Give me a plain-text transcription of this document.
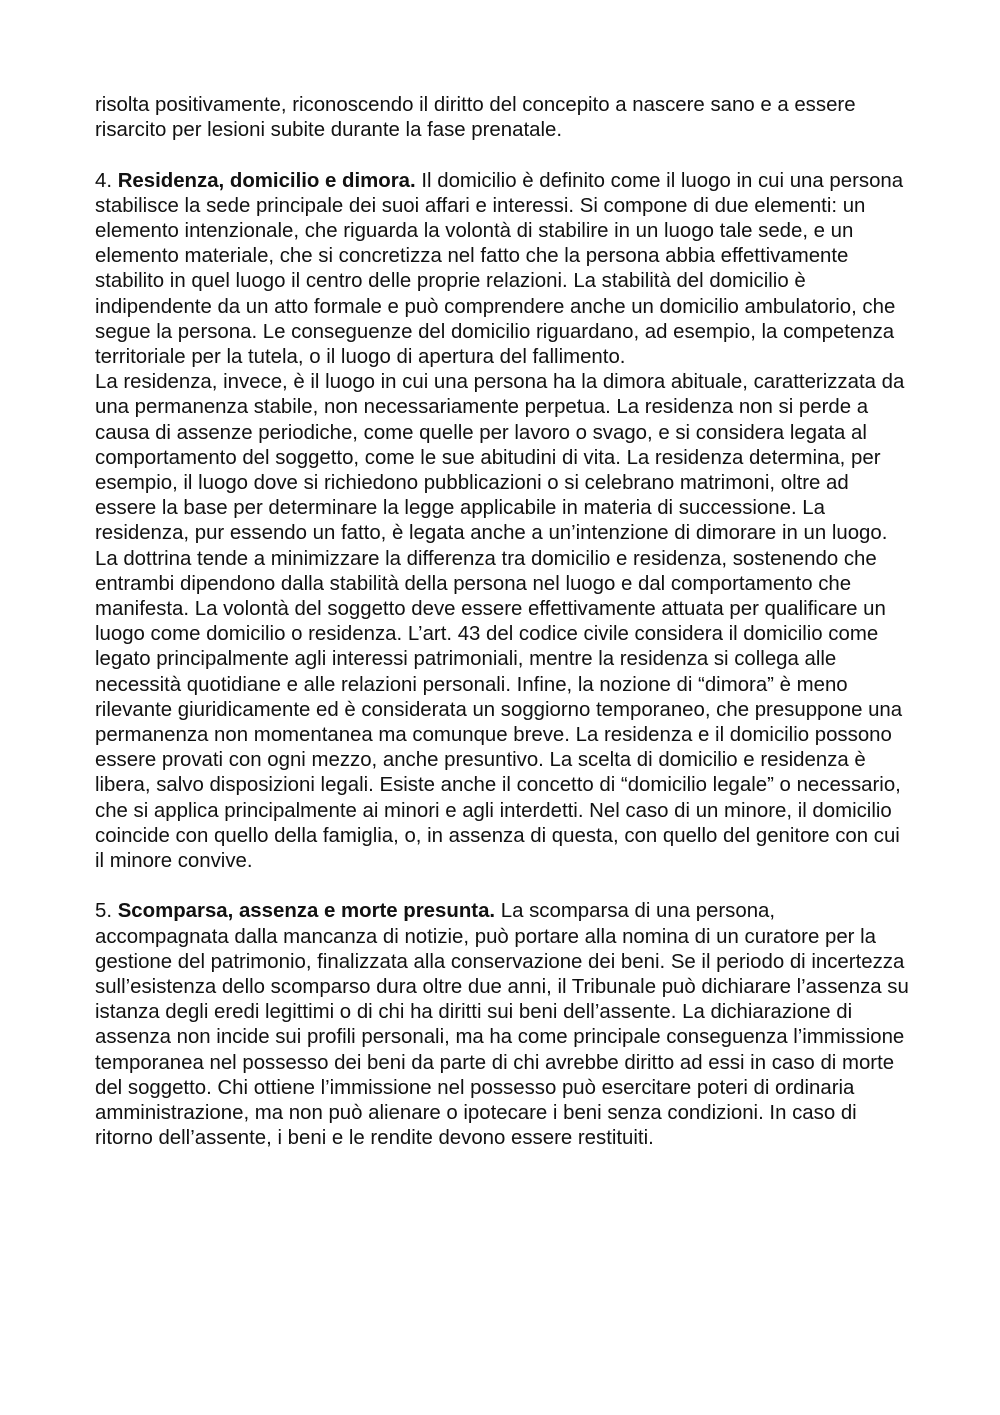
risolta positivamente, riconoscendo il diritto del concepito a nascere sano e a essere risarcito per lesioni subite durante la fase prenatale.

4. Residenza, domicilio e dimora. Il domicilio è definito come il luogo in cui una persona stabilisce la sede principale dei suoi affari e interessi. Si compone di due elementi: un elemento intenzionale, che riguarda la volontà di stabilire in un luogo tale sede, e un elemento materiale, che si concretizza nel fatto che la persona abbia effettivamente stabilito in quel luogo il centro delle proprie relazioni. La stabilità del domicilio è indipendente da un atto formale e può comprendere anche un domicilio ambulatorio, che segue la persona. Le conseguenze del domicilio riguardano, ad esempio, la competenza territoriale per la tutela, o il luogo di apertura del fallimento.

La residenza, invece, è il luogo in cui una persona ha la dimora abituale, caratterizzata da una permanenza stabile, non necessariamente perpetua. La residenza non si perde a causa di assenze periodiche, come quelle per lavoro o svago, e si considera legata al comportamento del soggetto, come le sue abitudini di vita. La residenza determina, per esempio, il luogo dove si richiedono pubblicazioni o si celebrano matrimoni, oltre ad essere la base per determinare la legge applicabile in materia di successione. La residenza, pur essendo un fatto, è legata anche a un’intenzione di dimorare in un luogo.

La dottrina tende a minimizzare la differenza tra domicilio e residenza, sostenendo che entrambi dipendono dalla stabilità della persona nel luogo e dal comportamento che manifesta. La volontà del soggetto deve essere effettivamente attuata per qualificare un luogo come domicilio o residenza. L’art. 43 del codice civile considera il domicilio come legato principalmente agli interessi patrimoniali, mentre la residenza si collega alle necessità quotidiane e alle relazioni personali. Infine, la nozione di “dimora” è meno rilevante giuridicamente ed è considerata un soggiorno temporaneo, che presuppone una permanenza non momentanea ma comunque breve. La residenza e il domicilio possono essere provati con ogni mezzo, anche presuntivo. La scelta di domicilio e residenza è libera, salvo disposizioni legali. Esiste anche il concetto di “domicilio legale” o necessario, che si applica principalmente ai minori e agli interdetti. Nel caso di un minore, il domicilio coincide con quello della famiglia, o, in assenza di questa, con quello del genitore con cui il minore convive.

5. Scomparsa, assenza e morte presunta. La scomparsa di una persona, accompagnata dalla mancanza di notizie, può portare alla nomina di un curatore per la gestione del patrimonio, finalizzata alla conservazione dei beni. Se il periodo di incertezza sull’esistenza dello scomparso dura oltre due anni, il Tribunale può dichiarare l’assenza su istanza degli eredi legittimi o di chi ha diritti sui beni dell’assente. La dichiarazione di assenza non incide sui profili personali, ma ha come principale conseguenza l’immissione temporanea nel possesso dei beni da parte di chi avrebbe diritto ad essi in caso di morte del soggetto. Chi ottiene l’immissione nel possesso può esercitare poteri di ordinaria amministrazione, ma non può alienare o ipotecare i beni senza condizioni. In caso di ritorno dell’assente, i beni e le rendite devono essere restituiti.
